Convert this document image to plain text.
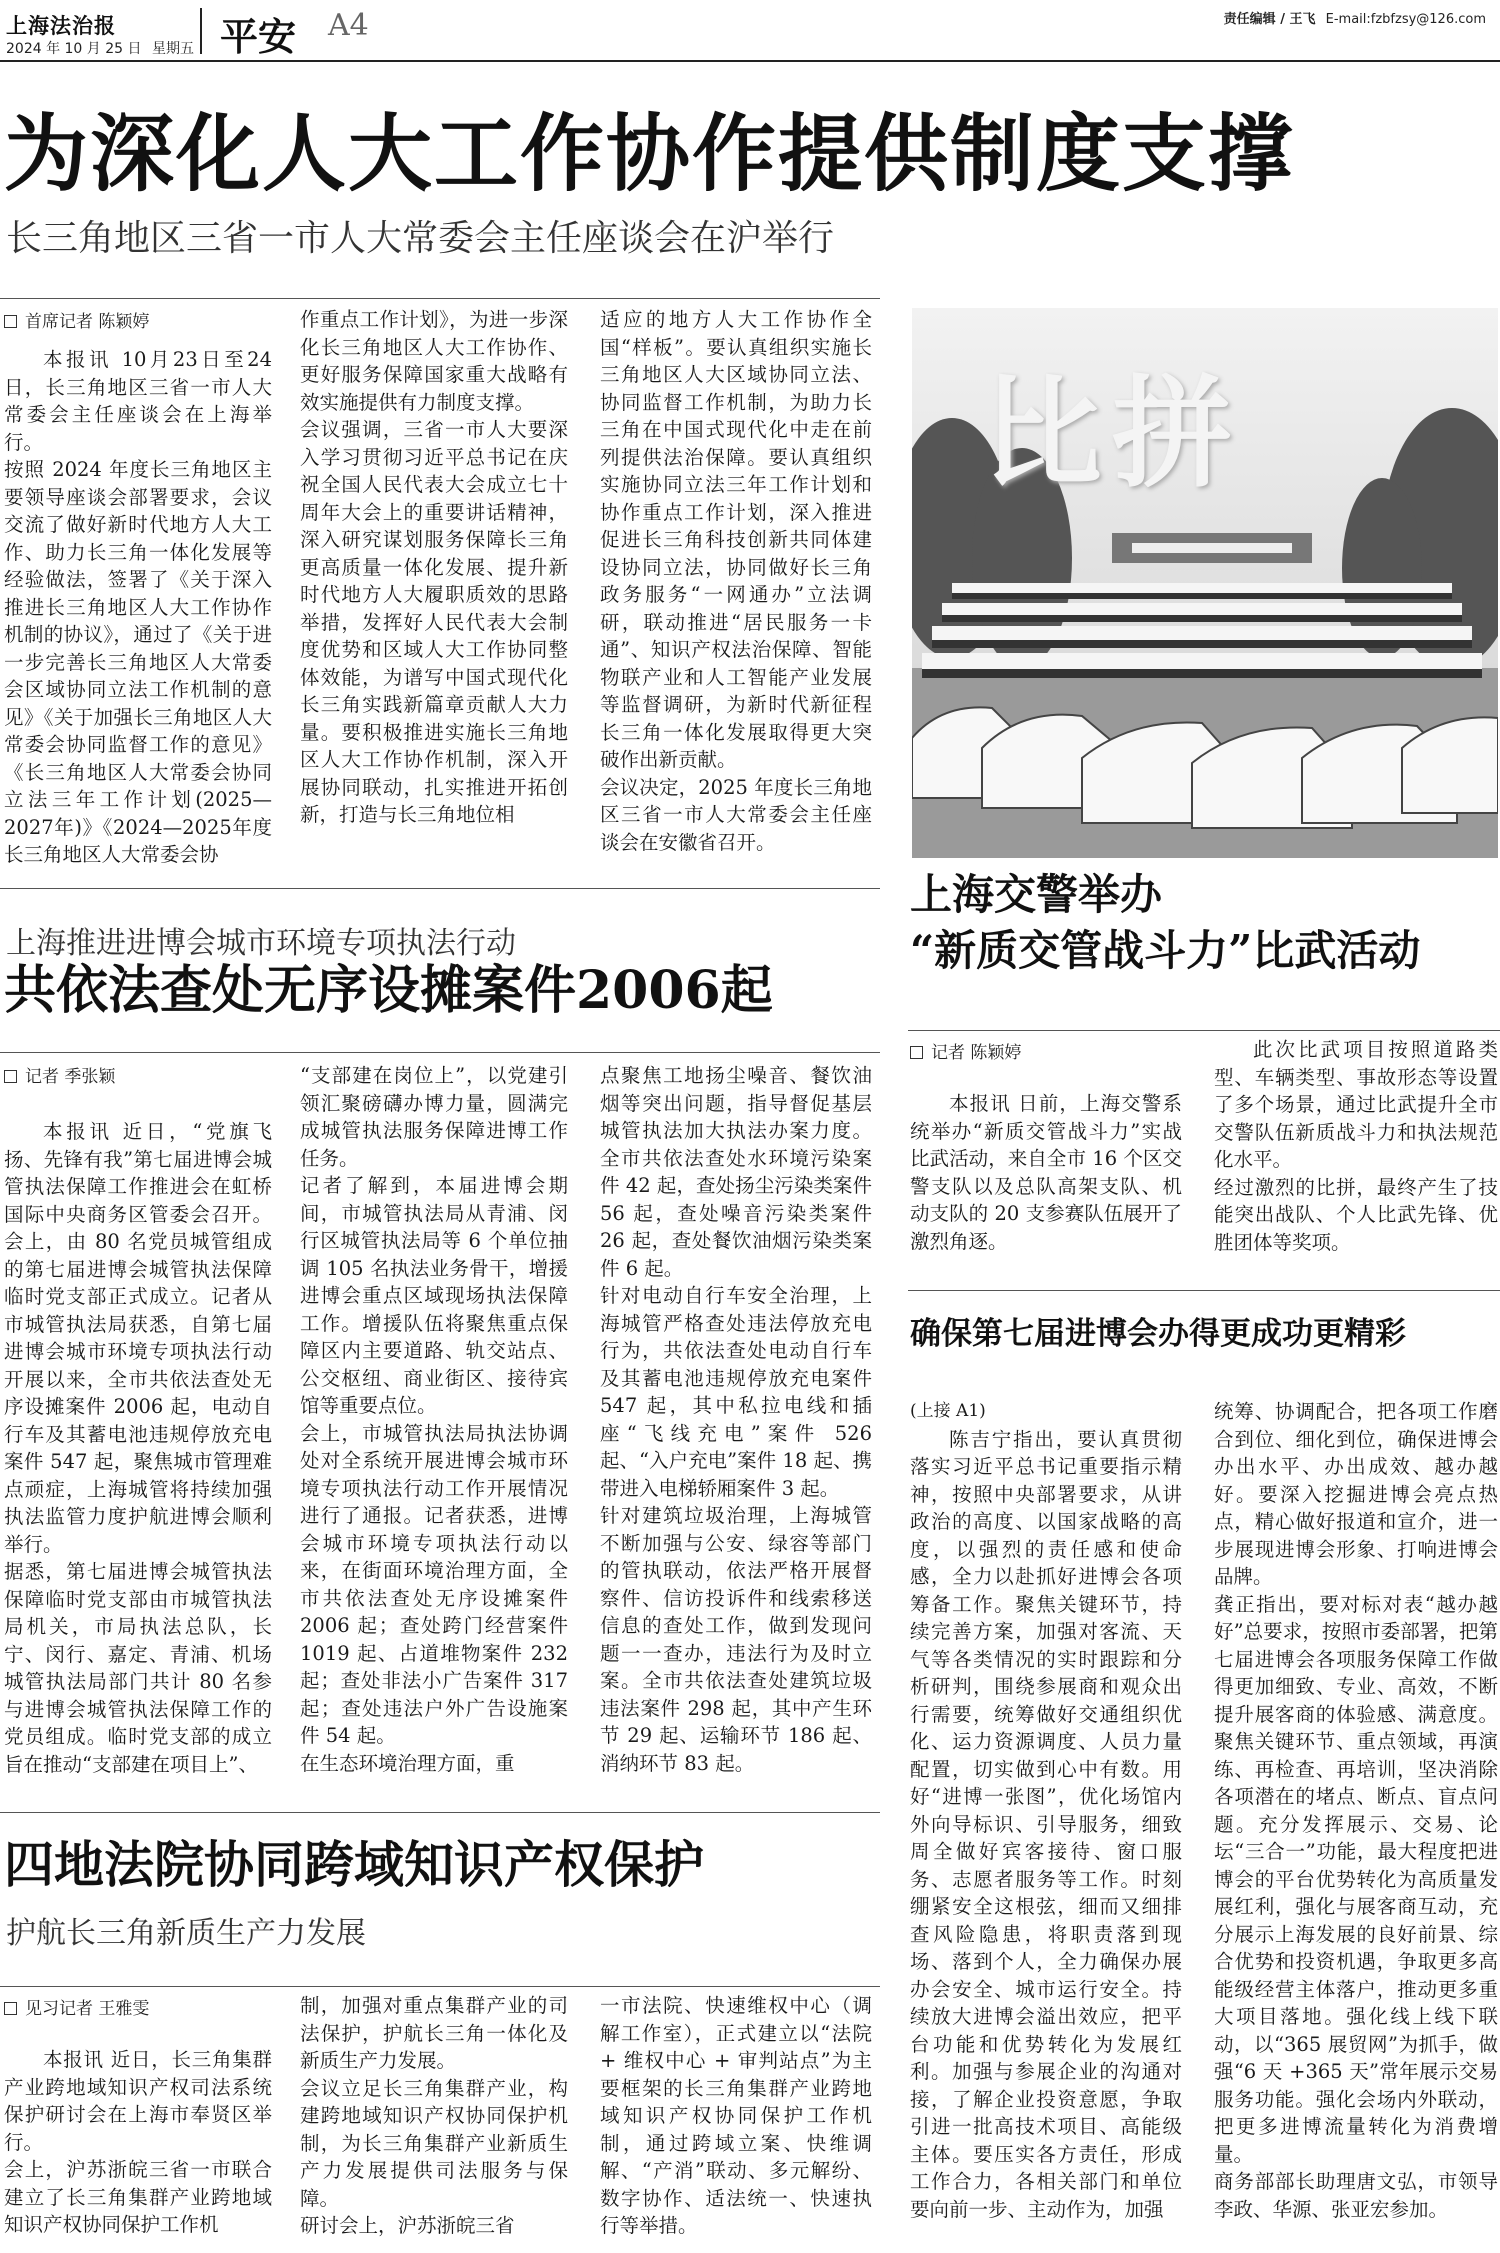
上海法治报
2024 年 10 月 25 日 星期五 平安 A4	责任编辑 / 王飞 E-mail:fzbfzsy@126.com
为深化人大工作协作提供制度支撑
长三角地区三省一市人大常委会主任座谈会在沪举行
首席记者 陈颖婷
本报讯 10月23日至24日，长三角地区三省一市人大常委会主任座谈会在上海举行。
按照 2024 年度长三角地区主要领导座谈会部署要求，会议交流了做好新时代地方人大工作、助力长三角一体化发展等经验做法，签署了《关于深入推进长三角地区人大工作协作机制的协议》，通过了《关于进一步完善长三角地区人大常委会区域协同立法工作机制的意见》《关于加强长三角地区人大常委会协同监督工作的意见》《长三角地区人大常委会协同立法三年工作计划(2025—2027年)》《2024—2025年度长三角地区人大常委会协
作重点工作计划》，为进一步深化长三角地区人大工作协作、更好服务保障国家重大战略有效实施提供有力制度支撑。
会议强调，三省一市人大要深入学习贯彻习近平总书记在庆祝全国人民代表大会成立七十周年大会上的重要讲话精神，深入研究谋划服务保障长三角更高质量一体化发展、提升新时代地方人大履职质效的思路举措，发挥好人民代表大会制度优势和区域人大工作协同整体效能，为谱写中国式现代化长三角实践新篇章贡献人大力量。要积极推进实施长三角地区人大工作协作机制，深入开展协同联动，扎实推进开拓创新，打造与长三角地位相
适应的地方人大工作协作全国“样板”。要认真组织实施长三角地区人大区域协同立法、协同监督工作机制，为助力长三角在中国式现代化中走在前列提供法治保障。要认真组织实施协同立法三年工作计划和协作重点工作计划，深入推进促进长三角科技创新共同体建设协同立法，协同做好长三角政务服务“一网通办”立法调研，联动推进“居民服务一卡通”、知识产权法治保障、智能物联产业和人工智能产业发展等监督调研，为新时代新征程长三角一体化发展取得更大突破作出新贡献。
会议决定，2025 年度长三角地区三省一市人大常委会主任座谈会在安徽省召开。
比拼
上海交警举办
“新质交管战斗力”比武活动
记者 陈颖婷
本报讯 日前，上海交警系统举办“新质交管战斗力”实战比武活动，来自全市 16 个区交警支队以及总队高架支队、机动支队的 20 支参赛队伍展开了激烈角逐。
此次比武项目按照道路类型、车辆类型、事故形态等设置了多个场景，通过比武提升全市交警队伍新质战斗力和执法规范化水平。
经过激烈的比拼，最终产生了技能突出战队、个人比武先锋、优胜团体等奖项。
上海推进进博会城市环境专项执法行动
共依法查处无序设摊案件2006起
记者 季张颖
本报讯 近日，“党旗飞扬、先锋有我”第七届进博会城管执法保障工作推进会在虹桥国际中央商务区管委会召开。会上，由 80 名党员城管组成的第七届进博会城管执法保障临时党支部正式成立。记者从市城管执法局获悉，自第七届进博会城市环境专项执法行动开展以来，全市共依法查处无序设摊案件 2006 起，电动自行车及其蓄电池违规停放充电案件 547 起，聚焦城市管理难点顽症，上海城管将持续加强执法监管力度护航进博会顺利举行。
据悉，第七届进博会城管执法保障临时党支部由市城管执法局机关，市局执法总队，长宁、闵行、嘉定、青浦、机场城管执法局部门共计 80 名参与进博会城管执法保障工作的党员组成。临时党支部的成立旨在推动“支部建在项目上”、
“支部建在岗位上”，以党建引领汇聚磅礴办博力量，圆满完成城管执法服务保障进博工作任务。
记者了解到，本届进博会期间，市城管执法局从青浦、闵行区城管执法局等 6 个单位抽调 105 名执法业务骨干，增援进博会重点区域现场执法保障工作。增援队伍将聚焦重点保障区内主要道路、轨交站点、公交枢纽、商业街区、接待宾馆等重要点位。
会上，市城管执法局执法协调处对全系统开展进博会城市环境专项执法行动工作开展情况进行了通报。记者获悉，进博会城市环境专项执法行动以来，在街面环境治理方面，全市共依法查处无序设摊案件 2006 起；查处跨门经营案件 1019 起、占道堆物案件 232 起；查处非法小广告案件 317 起；查处违法户外广告设施案件 54 起。
在生态环境治理方面，重
点聚焦工地扬尘噪音、餐饮油烟等突出问题，指导督促基层城管执法加大执法办案力度。全市共依法查处水环境污染案件 42 起，查处扬尘污染类案件 56 起，查处噪音污染类案件 26 起，查处餐饮油烟污染类案件 6 起。
针对电动自行车安全治理，上海城管严格查处违法停放充电行为，共依法查处电动自行车及其蓄电池违规停放充电案件 547 起，其中私拉电线和插座“飞线充电”案件 526 起、“入户充电”案件 18 起、携带进入电梯轿厢案件 3 起。
针对建筑垃圾治理，上海城管不断加强与公安、绿容等部门的管执联动，依法严格开展督察件、信访投诉件和线索移送信息的查处工作，做到发现问题一一查办，违法行为及时立案。全市共依法查处建筑垃圾违法案件 298 起，其中产生环节 29 起、运输环节 186 起、消纳环节 83 起。
确保第七届进博会办得更成功更精彩
(上接 A1)
陈吉宁指出，要认真贯彻落实习近平总书记重要指示精神，按照中央部署要求，从讲政治的高度、以国家战略的高度，以强烈的责任感和使命感，全力以赴抓好进博会各项筹备工作。聚焦关键环节，持续完善方案，加强对客流、天气等各类情况的实时跟踪和分析研判，围绕参展商和观众出行需要，统筹做好交通组织优化、运力资源调度、人员力量配置，切实做到心中有数。用好“进博一张图”，优化场馆内外向导标识、引导服务，细致周全做好宾客接待、窗口服务、志愿者服务等工作。时刻绷紧安全这根弦，细而又细排查风险隐患，将职责落到现场、落到个人，全力确保办展办会安全、城市运行安全。持续放大进博会溢出效应，把平台功能和优势转化为发展红利。加强与参展企业的沟通对接，了解企业投资意愿，争取引进一批高技术项目、高能级主体。要压实各方责任，形成工作合力，各相关部门和单位要向前一步、主动作为，加强
统筹、协调配合，把各项工作磨合到位、细化到位，确保进博会办出水平、办出成效、越办越好。要深入挖掘进博会亮点热点，精心做好报道和宣介，进一步展现进博会形象、打响进博会品牌。
龚正指出，要对标对表“越办越好”总要求，按照市委部署，把第七届进博会各项服务保障工作做得更加细致、专业、高效，不断提升展客商的体验感、满意度。聚焦关键环节、重点领域，再演练、再检查、再培训，坚决消除各项潜在的堵点、断点、盲点问题。充分发挥展示、交易、论坛“三合一”功能，最大程度把进博会的平台优势转化为高质量发展红利，强化与展客商互动，充分展示上海发展的良好前景、综合优势和投资机遇，争取更多高能级经营主体落户，推动更多重大项目落地。强化线上线下联动，以“365 展贸网”为抓手，做强“6 天 +365 天”常年展示交易服务功能。强化会场内外联动，把更多进博流量转化为消费增量。
商务部部长助理唐文弘，市领导李政、华源、张亚宏参加。
四地法院协同跨域知识产权保护
护航长三角新质生产力发展
见习记者 王雅雯
本报讯 近日，长三角集群产业跨地域知识产权司法系统保护研讨会在上海市奉贤区举行。
会上，沪苏浙皖三省一市联合建立了长三角集群产业跨地域知识产权协同保护工作机
制，加强对重点集群产业的司法保护，护航长三角一体化及新质生产力发展。
会议立足长三角集群产业，构建跨地域知识产权协同保护机制，为长三角集群产业新质生产力发展提供司法服务与保障。
研讨会上，沪苏浙皖三省
一市法院、快速维权中心（调解工作室），正式建立以“法院 + 维权中心 + 审判站点”为主要框架的长三角集群产业跨地域知识产权协同保护工作机制，通过跨域立案、快维调解、“产消”联动、多元解纷、数字协作、适法统一、快速执行等举措。
